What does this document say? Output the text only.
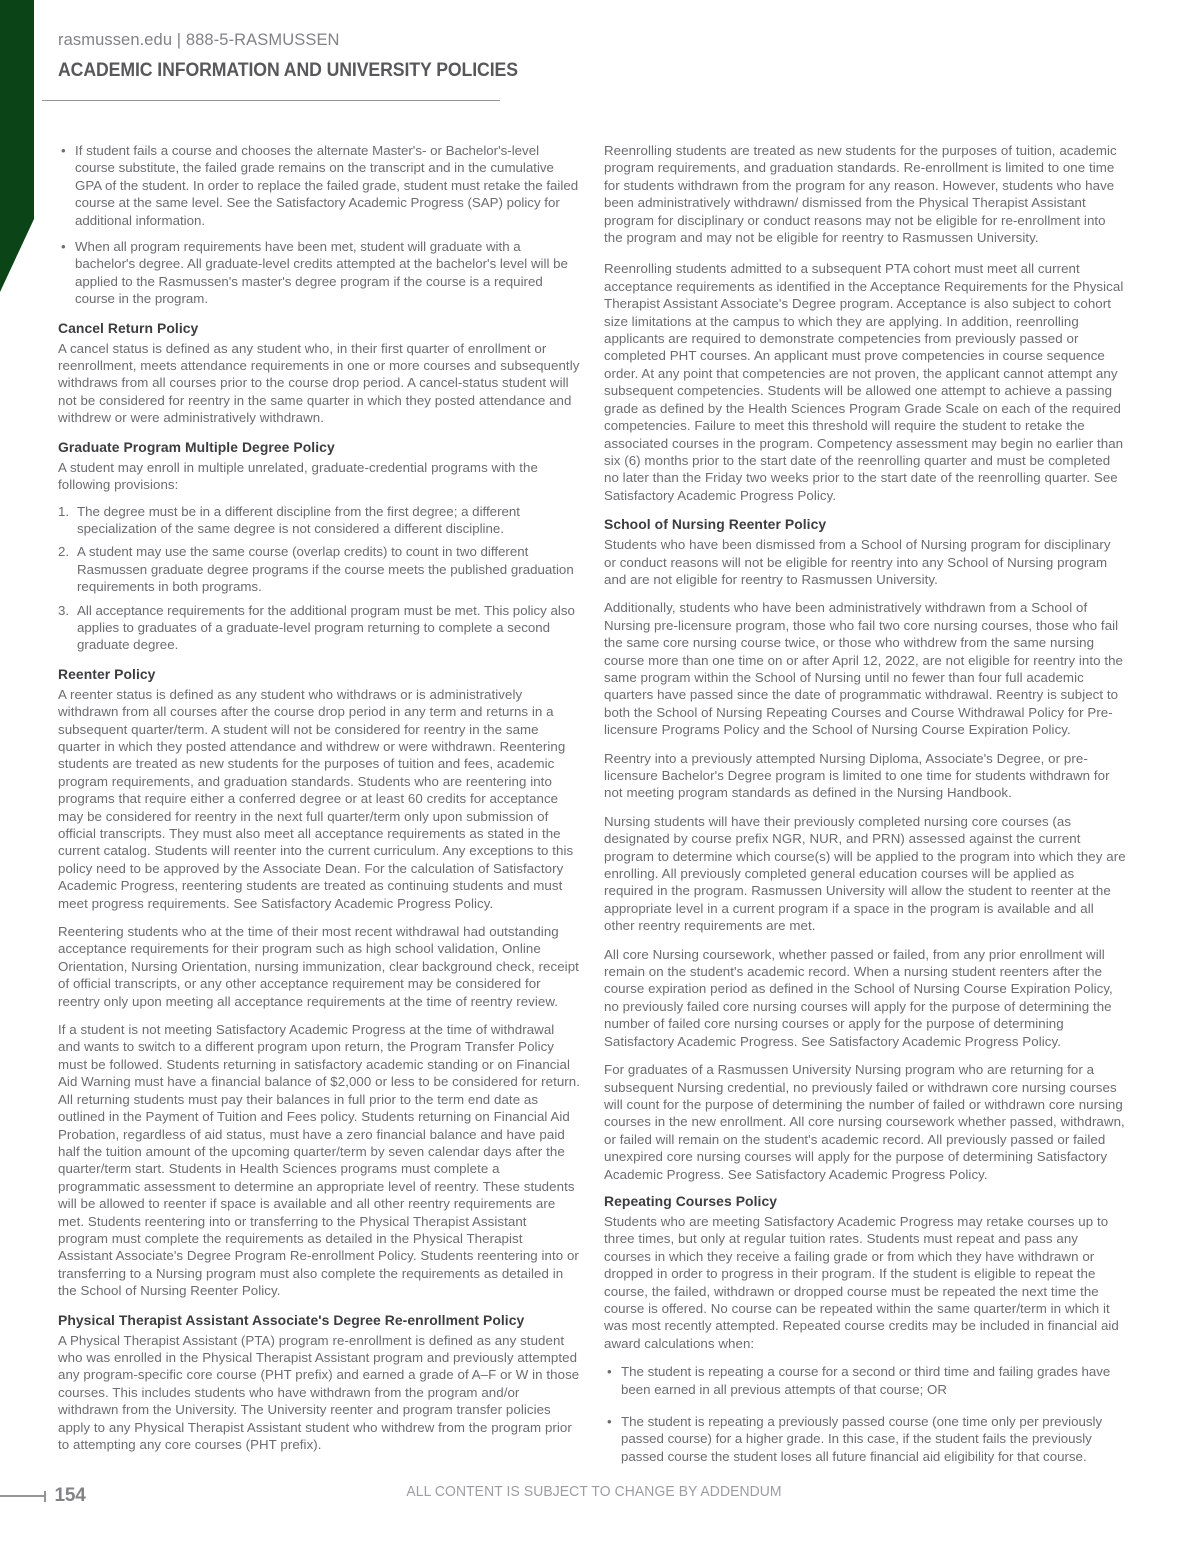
rasmussen.edu | 888-5-RASMUSSEN
ACADEMIC INFORMATION AND UNIVERSITY POLICIES
• If student fails a course and chooses the alternate Master's- or Bachelor's-level course substitute, the failed grade remains on the transcript and in the cumulative GPA of the student. In order to replace the failed grade, student must retake the failed course at the same level. See the Satisfactory Academic Progress (SAP) policy for additional information.
• When all program requirements have been met, student will graduate with a bachelor's degree. All graduate-level credits attempted at the bachelor's level will be applied to the Rasmussen's master's degree program if the course is a required course in the program.
Cancel Return Policy

A cancel status is defined as any student who, in their first quarter of enrollment or reenrollment, meets attendance requirements in one or more courses and subsequently withdraws from all courses prior to the course drop period. A cancel-status student will not be considered for reentry in the same quarter in which they posted attendance and withdrew or were administratively withdrawn.

Graduate Program Multiple Degree Policy

A student may enroll in multiple unrelated, graduate-credential programs with the following provisions:

1. The degree must be in a different discipline from the first degree; a different specialization of the same degree is not considered a different discipline.
2. A student may use the same course (overlap credits) to count in two different Rasmussen graduate degree programs if the course meets the published graduation requirements in both programs.
3. All acceptance requirements for the additional program must be met. This policy also applies to graduates of a graduate-level program returning to complete a second graduate degree.
Reenter Policy

A reenter status is defined as any student who withdraws or is administratively withdrawn from all courses after the course drop period in any term and returns in a subsequent quarter/term. A student will not be considered for reentry in the same quarter in which they posted attendance and withdrew or were withdrawn. Reentering students are treated as new students for the purposes of tuition and fees, academic program requirements, and graduation standards. Students who are reentering into programs that require either a conferred degree or at least 60 credits for acceptance may be considered for reentry in the next full quarter/term only upon submission of official transcripts. They must also meet all acceptance requirements as stated in the current catalog. Students will reenter into the current curriculum. Any exceptions to this policy need to be approved by the Associate Dean. For the calculation of Satisfactory Academic Progress, reentering students are treated as continuing students and must meet progress requirements. See Satisfactory Academic Progress Policy.

Reentering students who at the time of their most recent withdrawal had outstanding acceptance requirements for their program such as high school validation, Online Orientation, Nursing Orientation, nursing immunization, clear background check, receipt of official transcripts, or any other acceptance requirement may be considered for reentry only upon meeting all acceptance requirements at the time of reentry review.

If a student is not meeting Satisfactory Academic Progress at the time of withdrawal and wants to switch to a different program upon return, the Program Transfer Policy must be followed. Students returning in satisfactory academic standing or on Financial Aid Warning must have a financial balance of $2,000 or less to be considered for return. All returning students must pay their balances in full prior to the term end date as outlined in the Payment of Tuition and Fees policy. Students returning on Financial Aid Probation, regardless of aid status, must have a zero financial balance and have paid half the tuition amount of the upcoming quarter/term by seven calendar days after the quarter/term start. Students in Health Sciences programs must complete a programmatic assessment to determine an appropriate level of reentry. These students will be allowed to reenter if space is available and all other reentry requirements are met. Students reentering into or transferring to the Physical Therapist Assistant program must complete the requirements as detailed in the Physical Therapist Assistant Associate's Degree Program Re-enrollment Policy. Students reentering into or transferring to a Nursing program must also complete the requirements as detailed in the School of Nursing Reenter Policy.

Physical Therapist Assistant Associate's Degree Re-enrollment Policy

A Physical Therapist Assistant (PTA) program re-enrollment is defined as any student who was enrolled in the Physical Therapist Assistant program and previously attempted any program-specific core course (PHT prefix) and earned a grade of A–F or W in those courses. This includes students who have withdrawn from the program and/or withdrawn from the University. The University reenter and program transfer policies apply to any Physical Therapist Assistant student who withdrew from the program prior to attempting any core courses (PHT prefix).

Reenrolling students are treated as new students for the purposes of tuition, academic program requirements, and graduation standards. Re-enrollment is limited to one time for students withdrawn from the program for any reason. However, students who have been administratively withdrawn/ dismissed from the Physical Therapist Assistant program for disciplinary or conduct reasons may not be eligible for re-enrollment into the program and may not be eligible for reentry to Rasmussen University.

Reenrolling students admitted to a subsequent PTA cohort must meet all current acceptance requirements as identified in the Acceptance Requirements for the Physical Therapist Assistant Associate's Degree program. Acceptance is also subject to cohort size limitations at the campus to which they are applying. In addition, reenrolling applicants are required to demonstrate competencies from previously passed or completed PHT courses. An applicant must prove competencies in course sequence order. At any point that competencies are not proven, the applicant cannot attempt any subsequent competencies. Students will be allowed one attempt to achieve a passing grade as defined by the Health Sciences Program Grade Scale on each of the required competencies. Failure to meet this threshold will require the student to retake the associated courses in the program. Competency assessment may begin no earlier than six (6) months prior to the start date of the reenrolling quarter and must be completed no later than the Friday two weeks prior to the start date of the reenrolling quarter. See Satisfactory Academic Progress Policy.

School of Nursing Reenter Policy

Students who have been dismissed from a School of Nursing program for disciplinary or conduct reasons will not be eligible for reentry into any School of Nursing program and are not eligible for reentry to Rasmussen University.

Additionally, students who have been administratively withdrawn from a School of Nursing pre-licensure program, those who fail two core nursing courses, those who fail the same core nursing course twice, or those who withdrew from the same nursing course more than one time on or after April 12, 2022, are not eligible for reentry into the same program within the School of Nursing until no fewer than four full academic quarters have passed since the date of programmatic withdrawal. Reentry is subject to both the School of Nursing Repeating Courses and Course Withdrawal Policy for Pre-licensure Programs Policy and the School of Nursing Course Expiration Policy.

Reentry into a previously attempted Nursing Diploma, Associate's Degree, or pre-licensure Bachelor's Degree program is limited to one time for students withdrawn for not meeting program standards as defined in the Nursing Handbook.

Nursing students will have their previously completed nursing core courses (as designated by course prefix NGR, NUR, and PRN) assessed against the current program to determine which course(s) will be applied to the program into which they are enrolling. All previously completed general education courses will be applied as required in the program. Rasmussen University will allow the student to reenter at the appropriate level in a current program if a space in the program is available and all other reentry requirements are met.

All core Nursing coursework, whether passed or failed, from any prior enrollment will remain on the student's academic record. When a nursing student reenters after the course expiration period as defined in the School of Nursing Course Expiration Policy, no previously failed core nursing courses will apply for the purpose of determining the number of failed core nursing courses or apply for the purpose of determining Satisfactory Academic Progress. See Satisfactory Academic Progress Policy.

For graduates of a Rasmussen University Nursing program who are returning for a subsequent Nursing credential, no previously failed or withdrawn core nursing courses will count for the purpose of determining the number of failed or withdrawn core nursing courses in the new enrollment. All core nursing coursework whether passed, withdrawn, or failed will remain on the student's academic record. All previously passed or failed unexpired core nursing courses will apply for the purpose of determining Satisfactory Academic Progress. See Satisfactory Academic Progress Policy.

Repeating Courses Policy

Students who are meeting Satisfactory Academic Progress may retake courses up to three times, but only at regular tuition rates. Students must repeat and pass any courses in which they receive a failing grade or from which they have withdrawn or dropped in order to progress in their program. If the student is eligible to repeat the course, the failed, withdrawn or dropped course must be repeated the next time the course is offered. No course can be repeated within the same quarter/term in which it was most recently attempted. Repeated course credits may be included in financial aid award calculations when:

• The student is repeating a course for a second or third time and failing grades have been earned in all previous attempts of that course; OR
• The student is repeating a previously passed course (one time only per previously passed course) for a higher grade. In this case, if the student fails the previously passed course the student loses all future financial aid eligibility for that course.
154	ALL CONTENT IS SUBJECT TO CHANGE BY ADDENDUM
